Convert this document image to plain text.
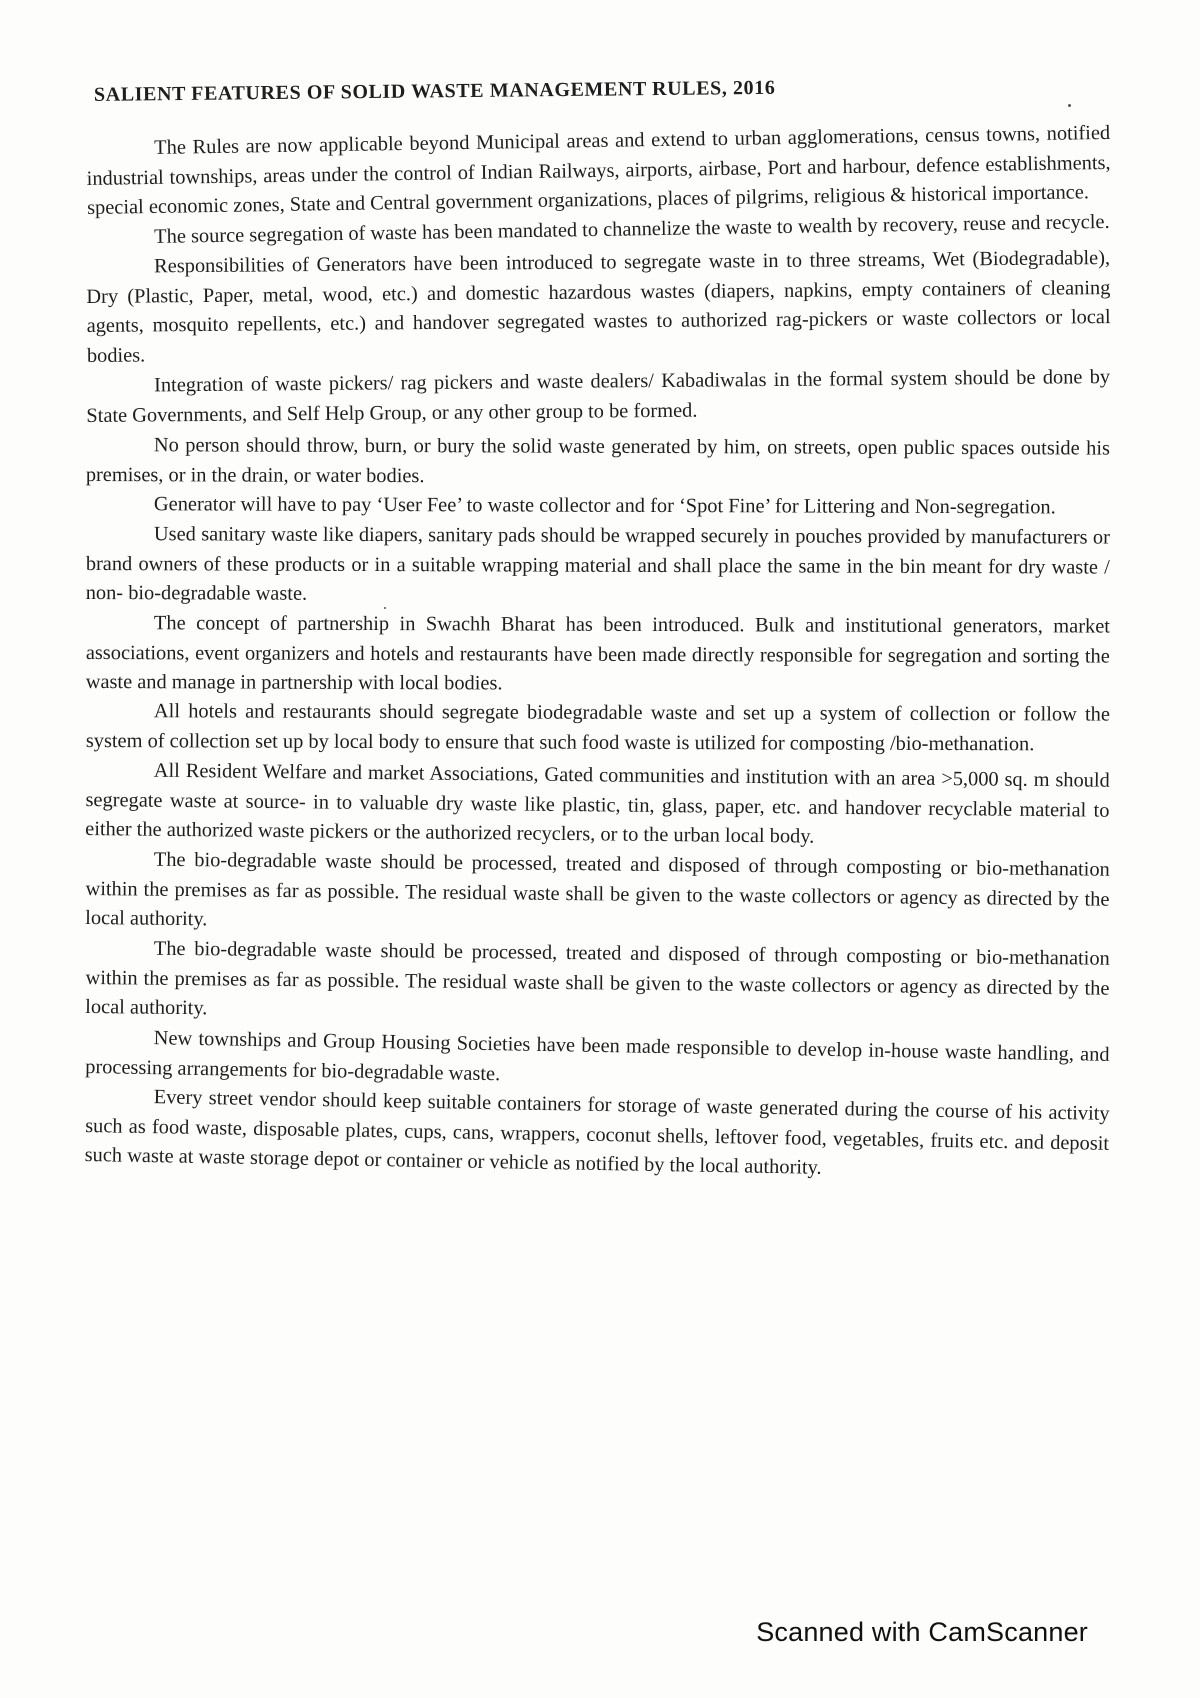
SALIENT FEATURES OF SOLID WASTE MANAGEMENT RULES, 2016

The Rules are now applicable beyond Municipal areas and extend to urban agglomerations, census towns, notified industrial townships, areas under the control of Indian Railways, airports, airbase, Port and harbour, defence establishments, special economic zones, State and Central government organizations, places of pilgrims, religious & historical importance.

The source segregation of waste has been mandated to channelize the waste to wealth by recovery, reuse and recycle.

Responsibilities of Generators have been introduced to segregate waste in to three streams, Wet (Biodegradable), Dry (Plastic, Paper, metal, wood, etc.) and domestic hazardous wastes (diapers, napkins, empty containers of cleaning agents, mosquito repellents, etc.) and handover segregated wastes to authorized rag-pickers or waste collectors or local bodies.

Integration of waste pickers/ rag pickers and waste dealers/ Kabadiwalas in the formal system should be done by State Governments, and Self Help Group, or any other group to be formed.

No person should throw, burn, or bury the solid waste generated by him, on streets, open public spaces outside his premises, or in the drain, or water bodies.

Generator will have to pay ‘User Fee’ to waste collector and for ‘Spot Fine’ for Littering and Non-segregation.

Used sanitary waste like diapers, sanitary pads should be wrapped securely in pouches provided by manufacturers or brand owners of these products or in a suitable wrapping material and shall place the same in the bin meant for dry waste / non- bio-degradable waste.

The concept of partnership in Swachh Bharat has been introduced. Bulk and institutional generators, market associations, event organizers and hotels and restaurants have been made directly responsible for segregation and sorting the waste and manage in partnership with local bodies.

All hotels and restaurants should segregate biodegradable waste and set up a system of collection or follow the system of collection set up by local body to ensure that such food waste is utilized for composting /bio-methanation.

All Resident Welfare and market Associations, Gated communities and institution with an area >5,000 sq. m should segregate waste at source- in to valuable dry waste like plastic, tin, glass, paper, etc. and handover recyclable material to either the authorized waste pickers or the authorized recyclers, or to the urban local body.

The bio-degradable waste should be processed, treated and disposed of through composting or bio-methanation within the premises as far as possible. The residual waste shall be given to the waste collectors or agency as directed by the local authority.

The bio-degradable waste should be processed, treated and disposed of through composting or bio-methanation within the premises as far as possible. The residual waste shall be given to the waste collectors or agency as directed by the local authority.

New townships and Group Housing Societies have been made responsible to develop in-house waste handling, and processing arrangements for bio-degradable waste.

Every street vendor should keep suitable containers for storage of waste generated during the course of his activity such as food waste, disposable plates, cups, cans, wrappers, coconut shells, leftover food, vegetables, fruits etc. and deposit such waste at waste storage depot or container or vehicle as notified by the local authority.

Scanned with CamScanner
